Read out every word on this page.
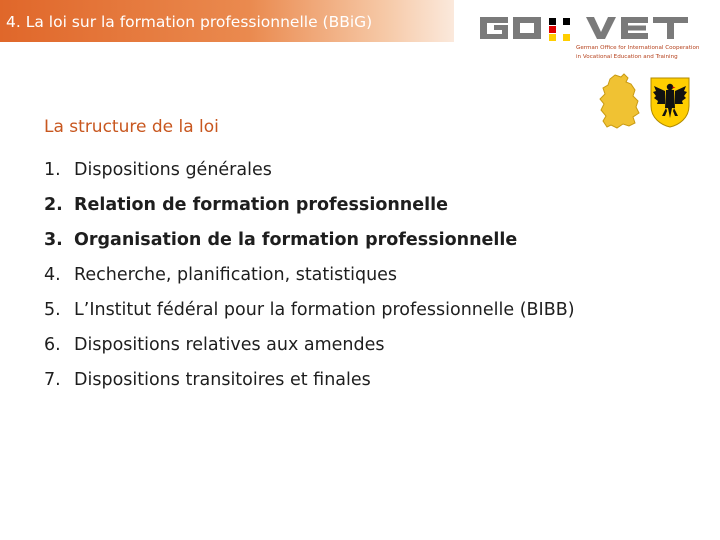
4. La loi sur la formation professionnelle (BBiG)
German Office for International Cooperation
in Vocational Education and Training
La structure de la loi
1. Dispositions générales
2. Relation de formation professionnelle
3. Organisation de la formation professionnelle
4. Recherche, planification, statistiques
5. L’Institut fédéral pour la formation professionnelle (BIBB)
6. Dispositions relatives aux amendes
7. Dispositions transitoires et finales
